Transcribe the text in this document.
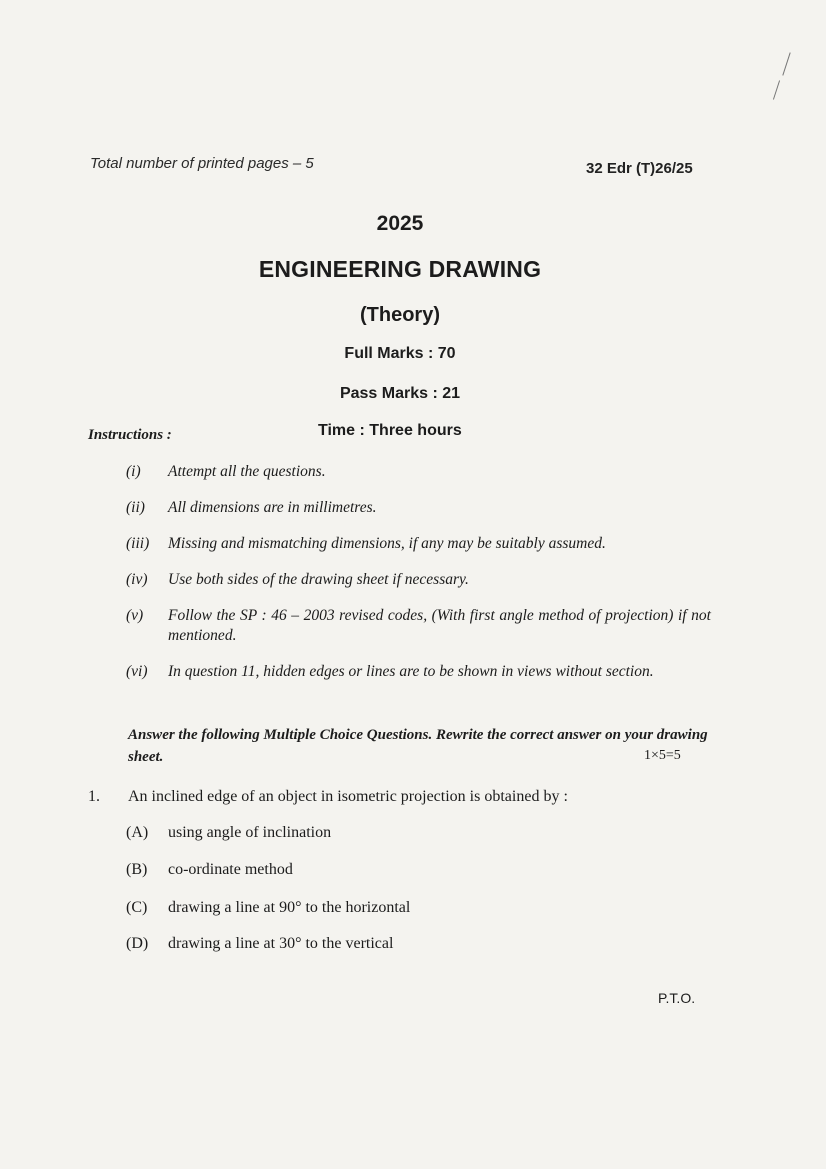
Total number of printed pages – 5	32 Edr (T)26/25
2025
ENGINEERING DRAWING
(Theory)
Full Marks : 70
Pass Marks : 21
Instructions :	Time : Three hours
(i) Attempt all the questions.
(ii) All dimensions are in millimetres.
(iii) Missing and mismatching dimensions, if any may be suitably assumed.
(iv) Use both sides of the drawing sheet if necessary.
(v) Follow the SP : 46 – 2003 revised codes, (With first angle method of projection) if not mentioned.
(vi) In question 11, hidden edges or lines are to be shown in views without section.
Answer the following Multiple Choice Questions. Rewrite the correct answer on your drawing sheet.	1×5=5
1. An inclined edge of an object in isometric projection is obtained by :
(A) using angle of inclination
(B) co-ordinate method
(C) drawing a line at 90° to the horizontal
(D) drawing a line at 30° to the vertical
P.T.O.
